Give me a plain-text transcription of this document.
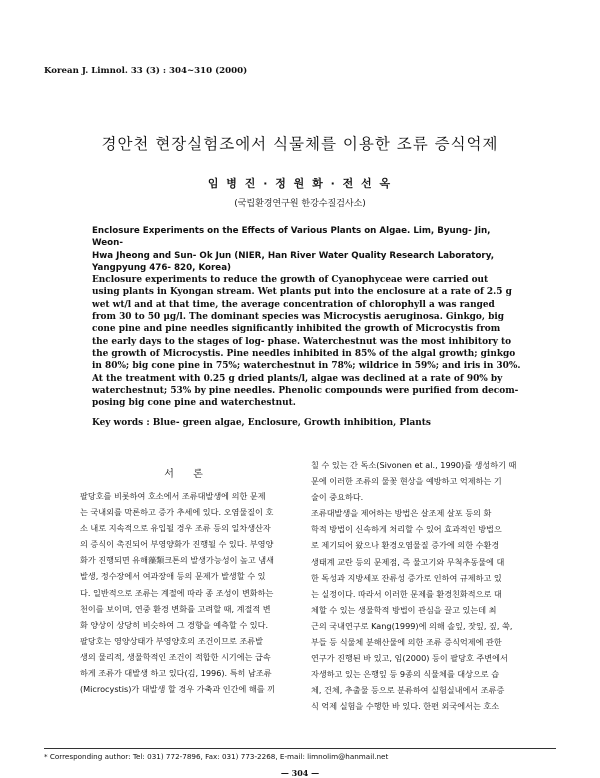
Korean J. Limnol. 33 (3) : 304~310 (2000)
경안천 현장실험조에서 식물체를 이용한 조류 증식억제
임 병 진 · 정 원 화 · 전 선 옥
(국립환경연구원 한강수질검사소)
Enclosure Experiments on the Effects of Various Plants on Algae. Lim, Byung- Jin, Weon-
Hwa Jheong and Sun- Ok Jun (NIER, Han River Water Quality Research Laboratory,
Yangpyung 476- 820, Korea)

Enclosure experiments to reduce the growth of Cyanophyceae were carried out

using plants in Kyongan stream. Wet plants put into the enclosure at a rate of 2.5 g

wet wt/l and at that time, the average concentration of chlorophyll a was ranged

from 30 to 50 μg/l. The dominant species was Microcystis aeruginosa. Ginkgo, big

cone pine and pine needles significantly inhibited the growth of Microcystis from

the early days to the stages of log- phase. Waterchestnut was the most inhibitory to

the growth of Microcystis. Pine needles inhibited in 85% of the algal growth; ginkgo

in 80%; big cone pine in 75%; waterchestnut in 78%; wildrice in 59%; and iris in 30%.

At the treatment with 0.25 g dried plants/l, algae was declined at a rate of 90% by

waterchestnut; 53% by pine needles. Phenolic compounds were purified from decom-

posing big cone pine and waterchestnut.

Key words : Blue- green algae, Enclosure, Growth inhibition, Plants
서 론

팔당호를 비롯하여 호소에서 조류대발생에 의한 문제

는 국내외를 막론하고 증가 추세에 있다. 오염물질이 호

소 내로 지속적으로 유입될 경우 조류 등의 일차생산자

의 증식이 촉진되어 부영양화가 진행될 수 있다. 부영양

화가 진행되면 유해藻類크톤의 발생가능성이 높고 냄새

발생, 정수장에서 여과장애 등의 문제가 발생할 수 있

다. 일반적으로 조류는 계절에 따라 종 조성이 변화하는

천이를 보이며, 연중 환경 변화를 고려할 때, 계절적 변

화 양상이 상당히 비슷하여 그 경향을 예측할 수 있다.

팔당호는 영양상태가 부영양호의 조건이므로 조류발

생의 물리적, 생물학적인 조건이 적합한 시기에는 급속

하게 조류가 대발생 하고 있다(김, 1996). 특히 남조류

(Microcystis)가 대발생 할 경우 가축과 인간에 해를 끼

칠 수 있는 간 독소(Sivonen et al., 1990)를 생성하기 때

문에 이러한 조류의 물꽃 현상을 예방하고 억제하는 기

술이 중요하다.

조류대발생을 제어하는 방법은 살조제 살포 등의 화

학적 방법이 신속하게 처리할 수 있어 효과적인 방법으

로 제기되어 왔으나 환경오염물질 증가에 의한 수환경

생태계 교란 등의 문제점, 즉 물고기와 무척추동물에 대

한 독성과 지방세포 잔류성 증가로 인하여 규제하고 있

는 실정이다. 따라서 이러한 문제를 환경친화적으로 대

체할 수 있는 생물학적 방법이 관심을 끌고 있는데 최

근의 국내연구로 Kang(1999)에 의해 솔잎, 잣잎, 짚, 쑥,

부들 등 식물체 분해산물에 의한 조류 증식억제에 관한

연구가 진행된 바 있고, 임(2000) 등이 팔당호 주변에서

자생하고 있는 은행잎 등 9종의 식물체를 대상으로 습

체, 건체, 추출물 등으로 분류하여 실험실내에서 조류증

식 억제 실험을 수행한 바 있다. 한편 외국에서는 호소

* Corresponding author: Tel: 031) 772-7896, Fax: 031) 773-2268, E-mail: limnolim@hanmail.net
— 304 —
